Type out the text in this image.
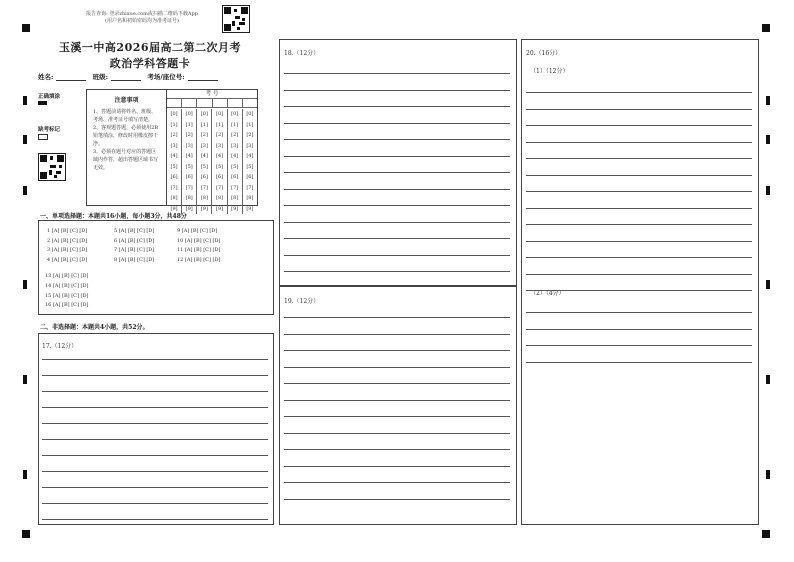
报告查询: 登录zhixue.com或扫描二维码下载App
(用户名和初始密码均为准考证号)
玉溪一中高2026届高二第二次月考
政治学科答题卡
姓名:	班级:	考场/座位号:
正确填涂
缺考标记
注意事项
1、答题前请将姓名、班级、考场、准考证号填写清楚。
2、客观题答题，必须使用2B铅笔填涂，修改时用橡皮擦干净。
3、必须在题号对应的答题区域内作答，超出答题区域书写无效。
考 号
[0]	[0]	[0]	[0]	[0]	[0]
[1]	[1]	[1]	[1]	[1]	[1]
[2]	[2]	[2]	[2]	[2]	[2]
[3]	[3]	[3]	[3]	[3]	[3]
[4]	[4]	[4]	[4]	[4]	[4]
[5]	[5]	[5]	[5]	[5]	[5]
[6]	[6]	[6]	[6]	[6]	[6]
[7]	[7]	[7]	[7]	[7]	[7]
[8]	[8]	[8]	[8]	[8]	[8]
[9]	[9]	[9]	[9]	[9]	[9]
一、单项选择题：本题共16小题，每小题3分，共48分
1 [A] [B] [C] [D]
2 [A] [B] [C] [D]
3 [A] [B] [C] [D]
4 [A] [B] [C] [D]
5 [A] [B] [C] [D]
6 [A] [B] [C] [D]
7 [A] [B] [C] [D]
8 [A] [B] [C] [D]
9 [A] [B] [C] [D]
10 [A] [B] [C] [D]
11 [A] [B] [C] [D]
12 [A] [B] [C] [D]
13 [A] [B] [C] [D]
14 [A] [B] [C] [D]
15 [A] [B] [C] [D]
16 [A] [B] [C] [D]
二、非选择题：本题共4小题，共52分。
17.（12分）
18.（12分）
19.（12分）
20.（16分）
（1）（12分）
（2）（4分）
